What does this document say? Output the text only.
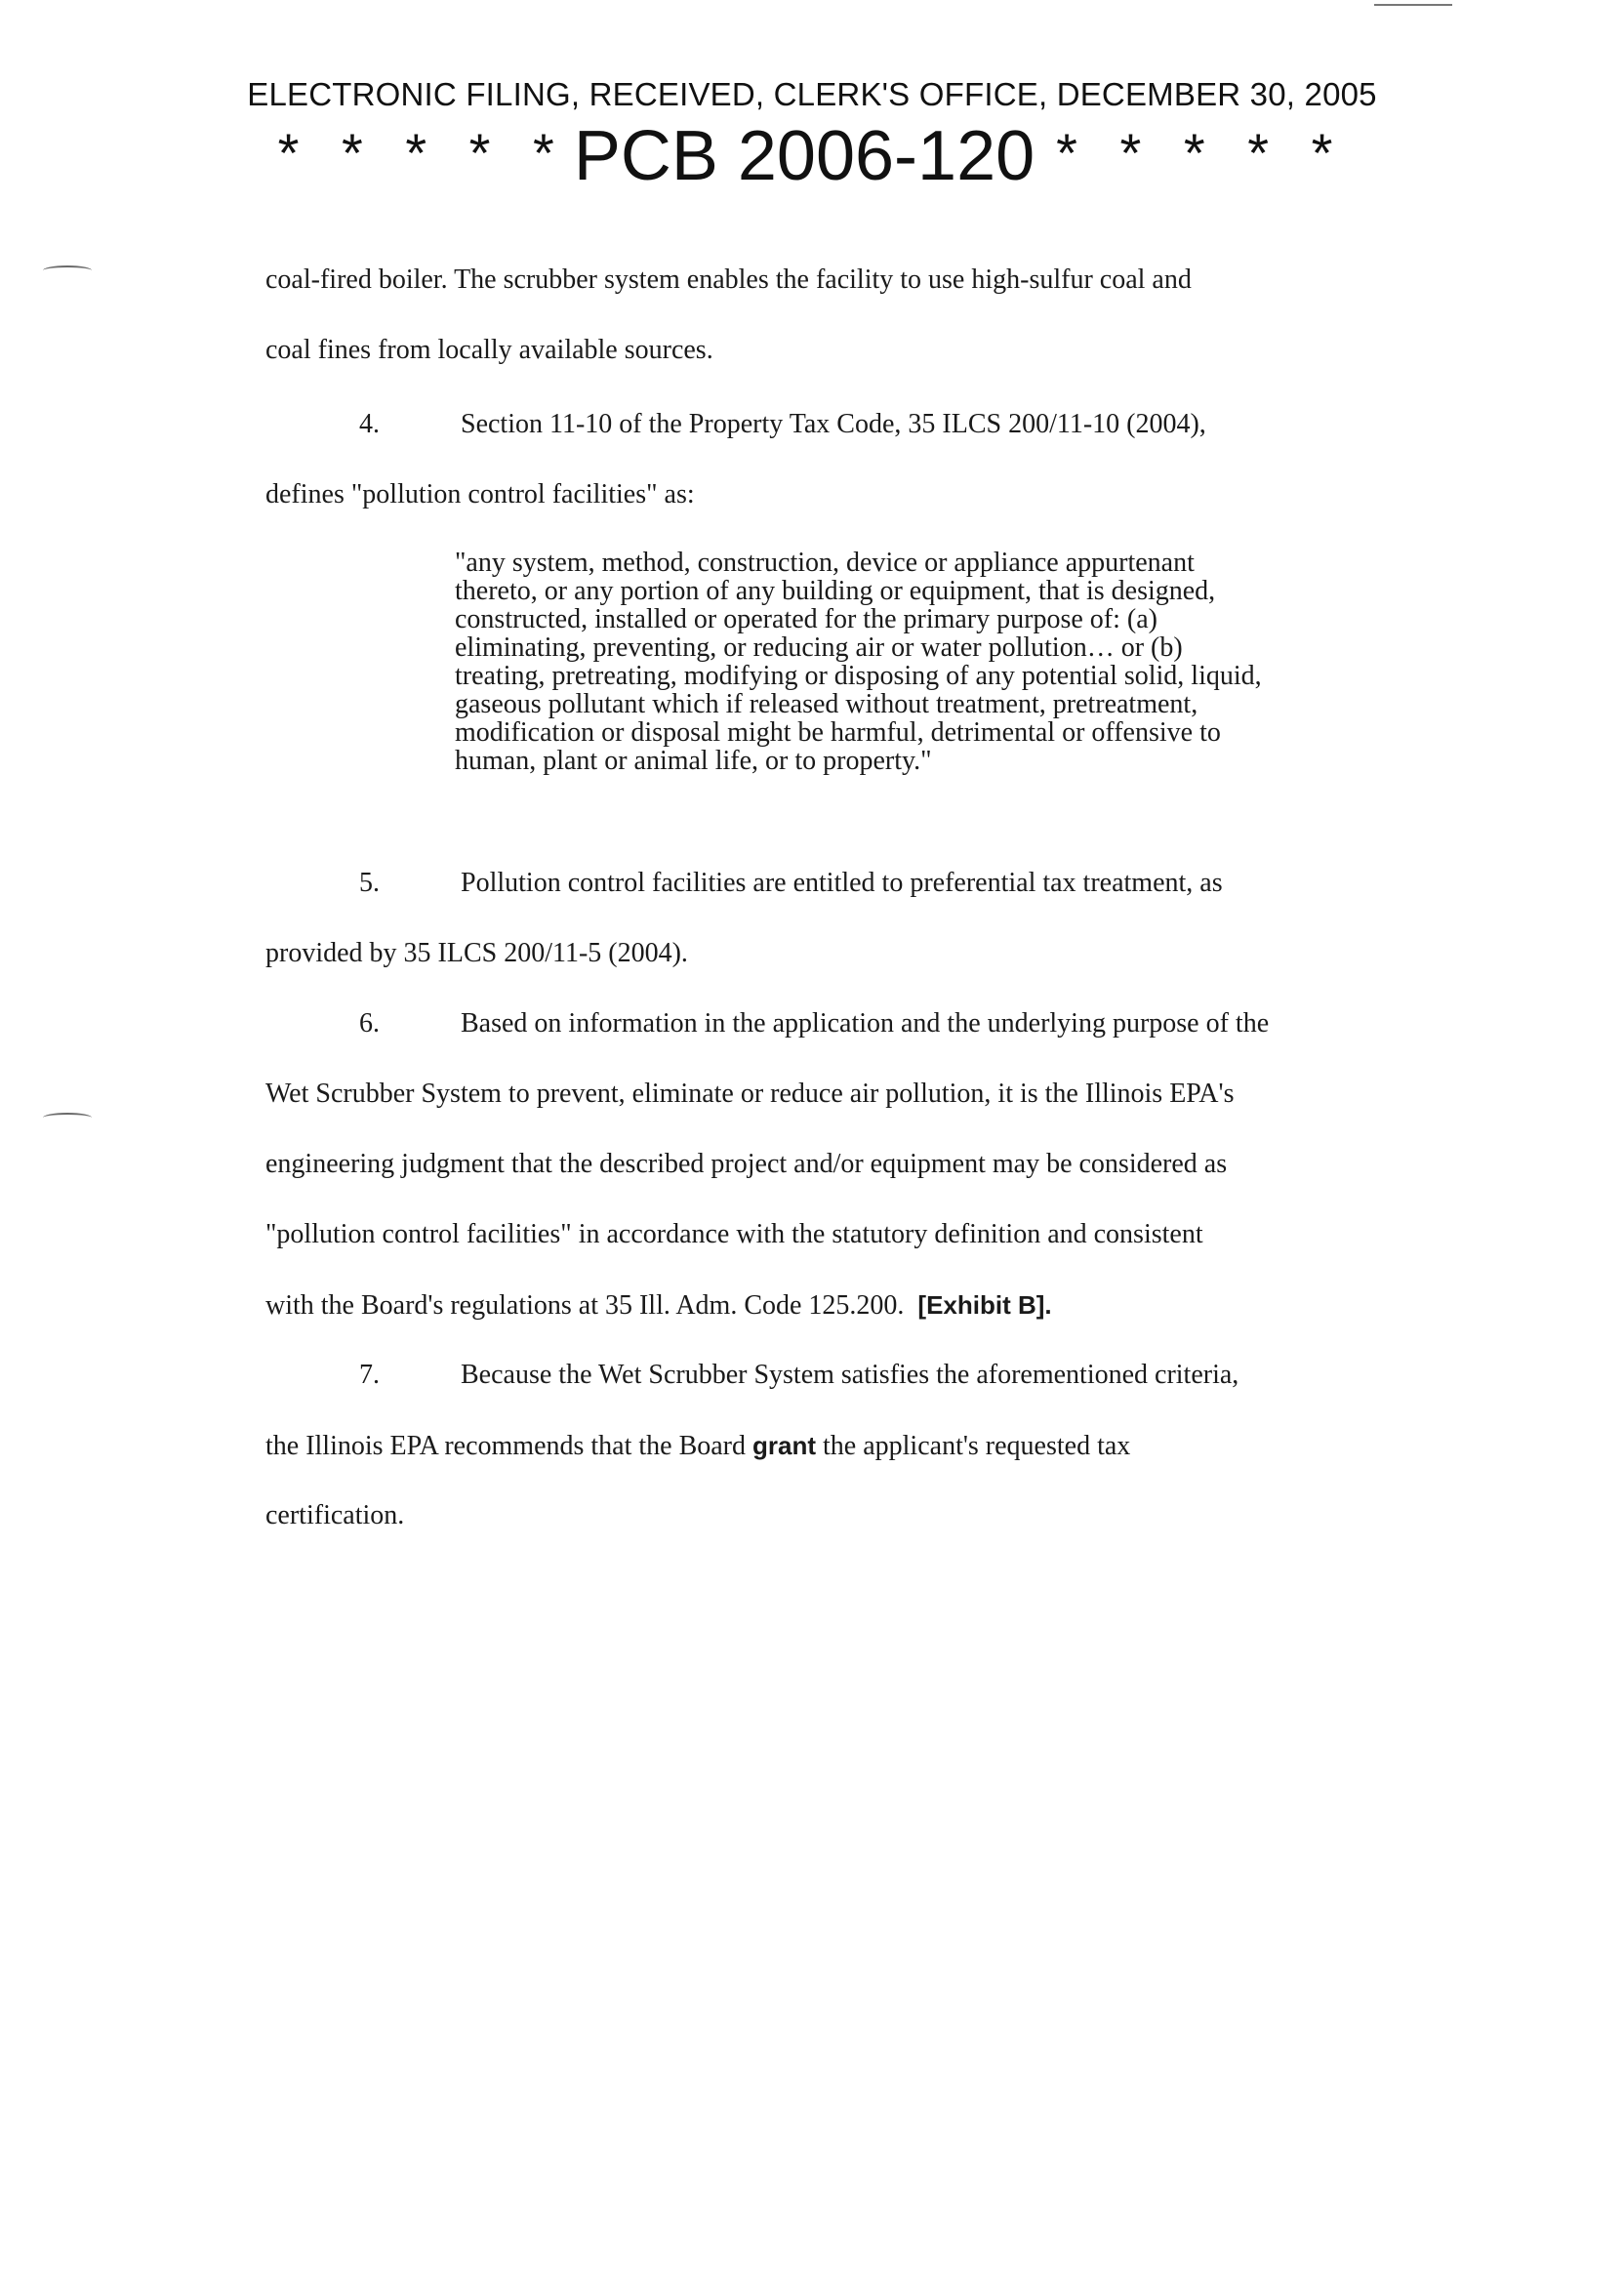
ELECTRONIC FILING, RECEIVED, CLERK'S OFFICE, DECEMBER 30, 2005
* * * * *PCB 2006-120 * * * * *
coal-fired boiler. The scrubber system enables the facility to use high-sulfur coal and
coal fines from locally available sources.
4.	Section 11-10 of the Property Tax Code, 35 ILCS 200/11-10 (2004),
defines "pollution control facilities" as:
"any system, method, construction, device or appliance appurtenant
thereto, or any portion of any building or equipment, that is designed,
constructed, installed or operated for the primary purpose of: (a)
eliminating, preventing, or reducing air or water pollution… or (b)
treating, pretreating, modifying or disposing of any potential solid, liquid,
gaseous pollutant which if released without treatment, pretreatment,
modification or disposal might be harmful, detrimental or offensive to
human, plant or animal life, or to property."
5.	Pollution control facilities are entitled to preferential tax treatment, as
provided by 35 ILCS 200/11-5 (2004).
6.	Based on information in the application and the underlying purpose of the
Wet Scrubber System to prevent, eliminate or reduce air pollution, it is the Illinois EPA's
engineering judgment that the described project and/or equipment may be considered as
"pollution control facilities" in accordance with the statutory definition and consistent
with the Board's regulations at 35 Ill. Adm. Code 125.200.  [Exhibit B].
7.	Because the Wet Scrubber System satisfies the aforementioned criteria,
the Illinois EPA recommends that the Board grant the applicant's requested tax
certification.
